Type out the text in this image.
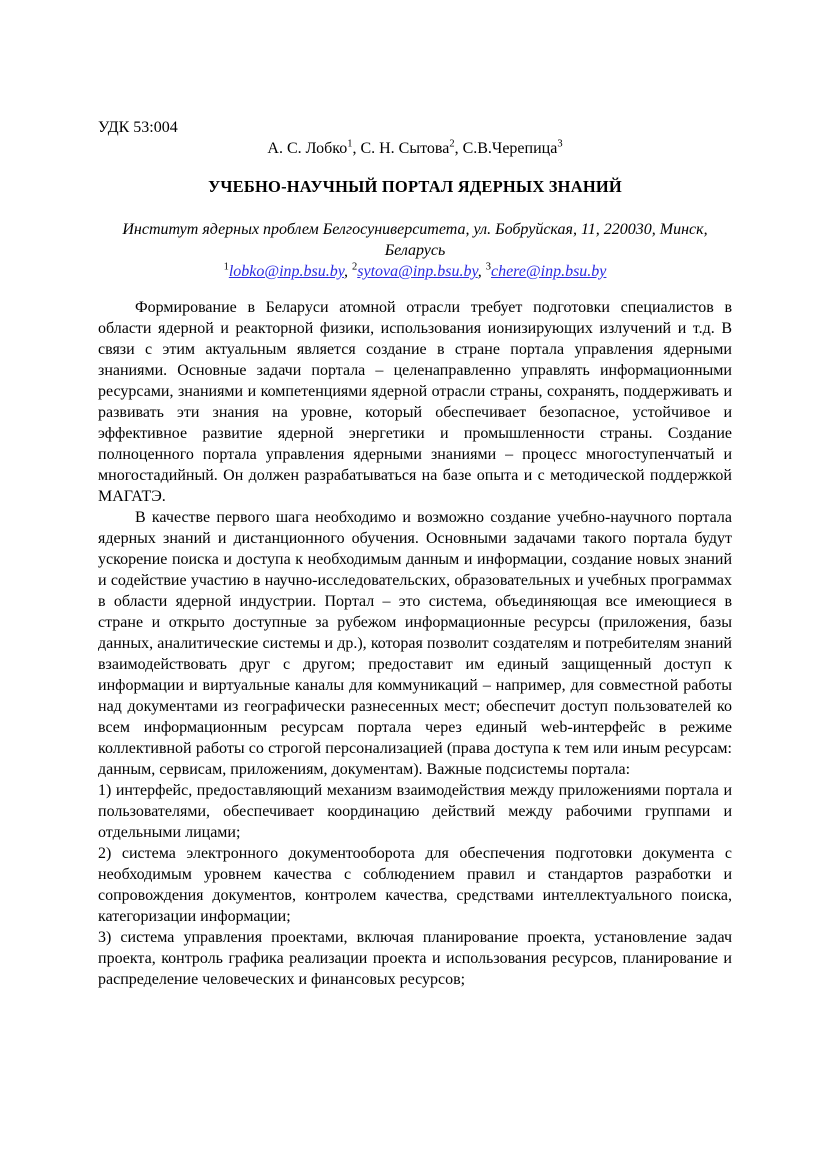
УДК 53:004
А. С. Лобко$^1$, С. Н. Сытова$^2$, С.В.Черепица$^3$
УЧЕБНО-НАУЧНЫЙ ПОРТАЛ ЯДЕРНЫХ ЗНАНИЙ
Институт ядерных проблем Белгосуниверситета, ул. Бобруйская, 11, 220030, Минск, Беларусь
$^1$lobko@inp.bsu.by, $^2$sytova@inp.bsu.by, $^3$chere@inp.bsu.by

Формирование в Беларуси атомной отрасли требует подготовки специалистов в области ядерной и реакторной физики, использования ионизирующих излучений и т.д. В связи с этим актуальным является создание в стране портала управления ядерными знаниями. Основные задачи портала – целенаправленно управлять информационными ресурсами, знаниями и компетенциями ядерной отрасли страны, сохранять, поддерживать и развивать эти знания на уровне, который обеспечивает безопасное, устойчивое и эффективное развитие ядерной энергетики и промышленности страны. Создание полноценного портала управления ядерными знаниями – процесс многоступенчатый и многостадийный. Он должен разрабатываться на базе опыта и с методической поддержкой МАГАТЭ.

В качестве первого шага необходимо и возможно создание учебно-научного портала ядерных знаний и дистанционного обучения. Основными задачами такого портала будут ускорение поиска и доступа к необходимым данным и информации, создание новых знаний и содействие участию в научно-исследовательских, образовательных и учебных программах в области ядерной индустрии. Портал – это система, объединяющая все имеющиеся в стране и открыто доступные за рубежом информационные ресурсы (приложения, базы данных, аналитические системы и др.), которая позволит создателям и потребителям знаний взаимодействовать друг с другом; предоставит им единый защищенный доступ к информации и виртуальные каналы для коммуникаций – например, для совместной работы над документами из географически разнесенных мест; обеспечит доступ пользователей ко всем информационным ресурсам портала через единый web-интерфейс в режиме коллективной работы со строгой персонализацией (права доступа к тем или иным ресурсам: данным, сервисам, приложениям, документам). Важные подсистемы портала:

1) интерфейс, предоставляющий механизм взаимодействия между приложениями портала и пользователями, обеспечивает координацию действий между рабочими группами и отдельными лицами;

2) система электронного документооборота для обеспечения подготовки документа с необходимым уровнем качества с соблюдением правил и стандартов разработки и сопровождения документов, контролем качества, средствами интеллектуального поиска, категоризации информации;

3) система управления проектами, включая планирование проекта, установление задач проекта, контроль графика реализации проекта и использования ресурсов, планирование и распределение человеческих и финансовых ресурсов;
